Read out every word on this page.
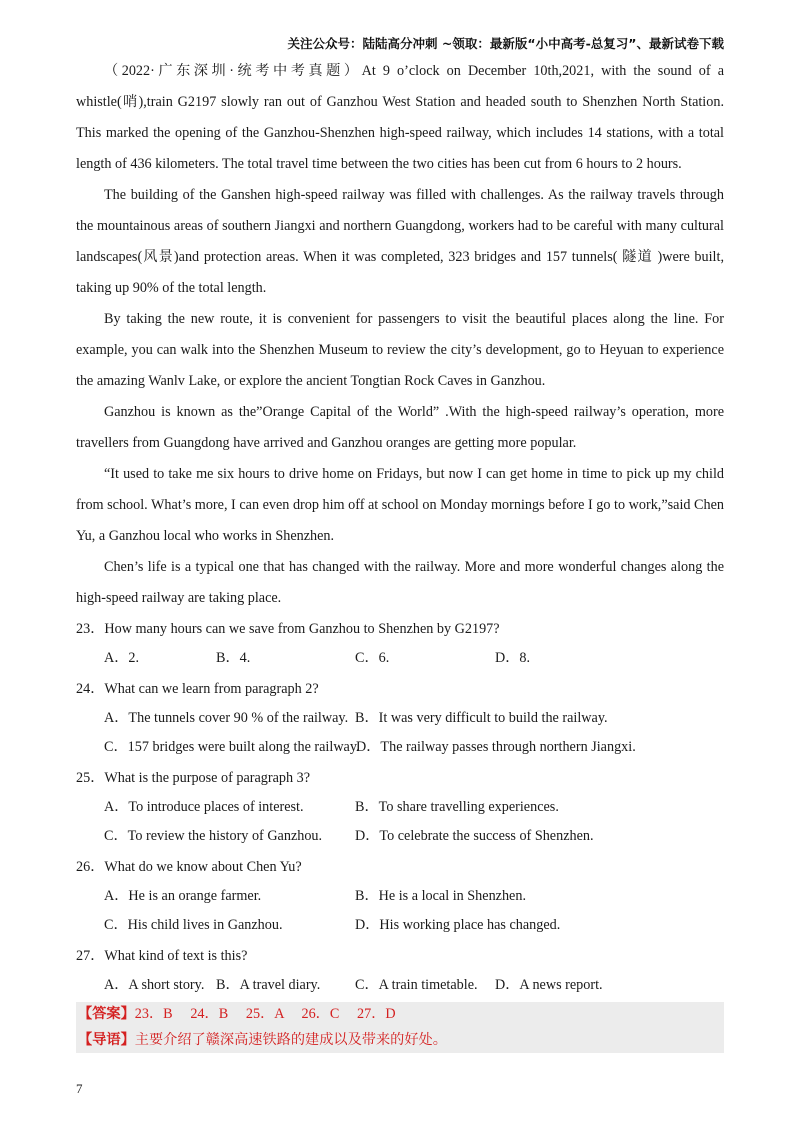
关注公众号：陆陆高分冲刺 ~领取：最新版“小中高考-总复习”、最新试卷下载

（2022·广东深圳·统考中考真题）At 9 o’clock on December 10th,2021, with the sound of a whistle(哨),train G2197 slowly ran out of Ganzhou West Station and headed south to Shenzhen North Station. This marked the opening of the Ganzhou-Shenzhen high-speed railway, which includes 14 stations, with a total length of 436 kilometers. The total travel time between the two cities has been cut from 6 hours to 2 hours.

The building of the Ganshen high-speed railway was filled with challenges. As the railway travels through the mountainous areas of southern Jiangxi and northern Guangdong, workers had to be careful with many cultural landscapes(风景)and protection areas. When it was completed, 323 bridges and 157 tunnels( 隧道 )were built, taking up 90% of the total length.

By taking the new route, it is convenient for passengers to visit the beautiful places along the line. For example, you can walk into the Shenzhen Museum to review the city’s development, go to Heyuan to experience the amazing Wanlv Lake, or explore the ancient Tongtian Rock Caves in Ganzhou.

Ganzhou is known as the”Orange Capital of the World” .With the high-speed railway’s operation, more travellers from Guangdong have arrived and Ganzhou oranges are getting more popular.

“It used to take me six hours to drive home on Fridays, but now I can get home in time to pick up my child from school. What’s more, I can even drop him off at school on Monday mornings before I go to work,”said Chen Yu, a Ganzhou local who works in Shenzhen.

Chen’s life is a typical one that has changed with the railway. More and more wonderful changes along the high-speed railway are taking place.

23．How many hours can we save from Ganzhou to Shenzhen by G2197?
A．2.	B．4.	C．6.	D．8.
24．What can we learn from paragraph 2?
A．The tunnels cover 90 % of the railway. B．It was very difficult to build the railway.
C．157 bridges were built along the railway.
D．The railway passes through northern Jiangxi.
25．What is the purpose of paragraph 3?
A．To introduce places of interest.	B．To share travelling experiences.
C．To review the history of Ganzhou. D．To celebrate the success of Shenzhen.
26．What do we know about Chen Yu?
A．He is an orange farmer.	B．He is a local in Shenzhen.
C．His child lives in Ganzhou.	D．His working place has changed.
27．What kind of text is this?
A．A short story. B．A travel diary. C．A train timetable. D．A news report.
【答案】23．B　 24．B　 25．A　 26．C　 27．D
【导语】主要介绍了赣深高速铁路的建成以及带来的好处。
7
